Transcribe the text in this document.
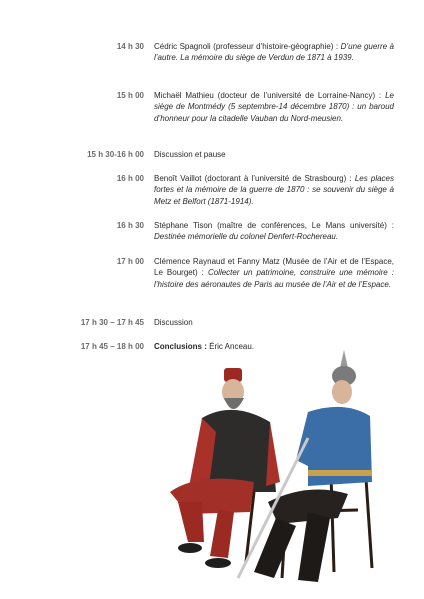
14 h 30 Cédric Spagnoli (professeur d’histoire-géographie) : D’une guerre à l’autre. La mémoire du siège de Verdun de 1871 à 1939.
15 h 00 Michaël Mathieu (docteur de l’université de Lorraine-Nancy) : Le siège de Montmédy (5 septembre-14 décembre 1870) : un baroud d’honneur pour la citadelle Vauban du Nord-meusien.
15 h 30-16 h 00 Discussion et pause
16 h 00 Benoît Vaillot (doctorant à l’université de Strasbourg) : Les places fortes et la mémoire de la guerre de 1870 : se souvenir du siège à Metz et Belfort (1871-1914).
16 h 30 Stéphane Tison (maître de conférences, Le Mans université) : Destinée mémorielle du colonel Denfert-Rochereau.
17 h 00 Clémence Raynaud et Fanny Matz (Musée de l’Air et de l’Espace, Le Bourget) : Collecter un patrimoine, construire une mémoire : l’histoire des aéronautes de Paris au musée de l’Air et de l’Espace.
17 h 30 – 17 h 45 Discussion
17 h 45 – 18 h 00 Conclusions : Éric Anceau.
